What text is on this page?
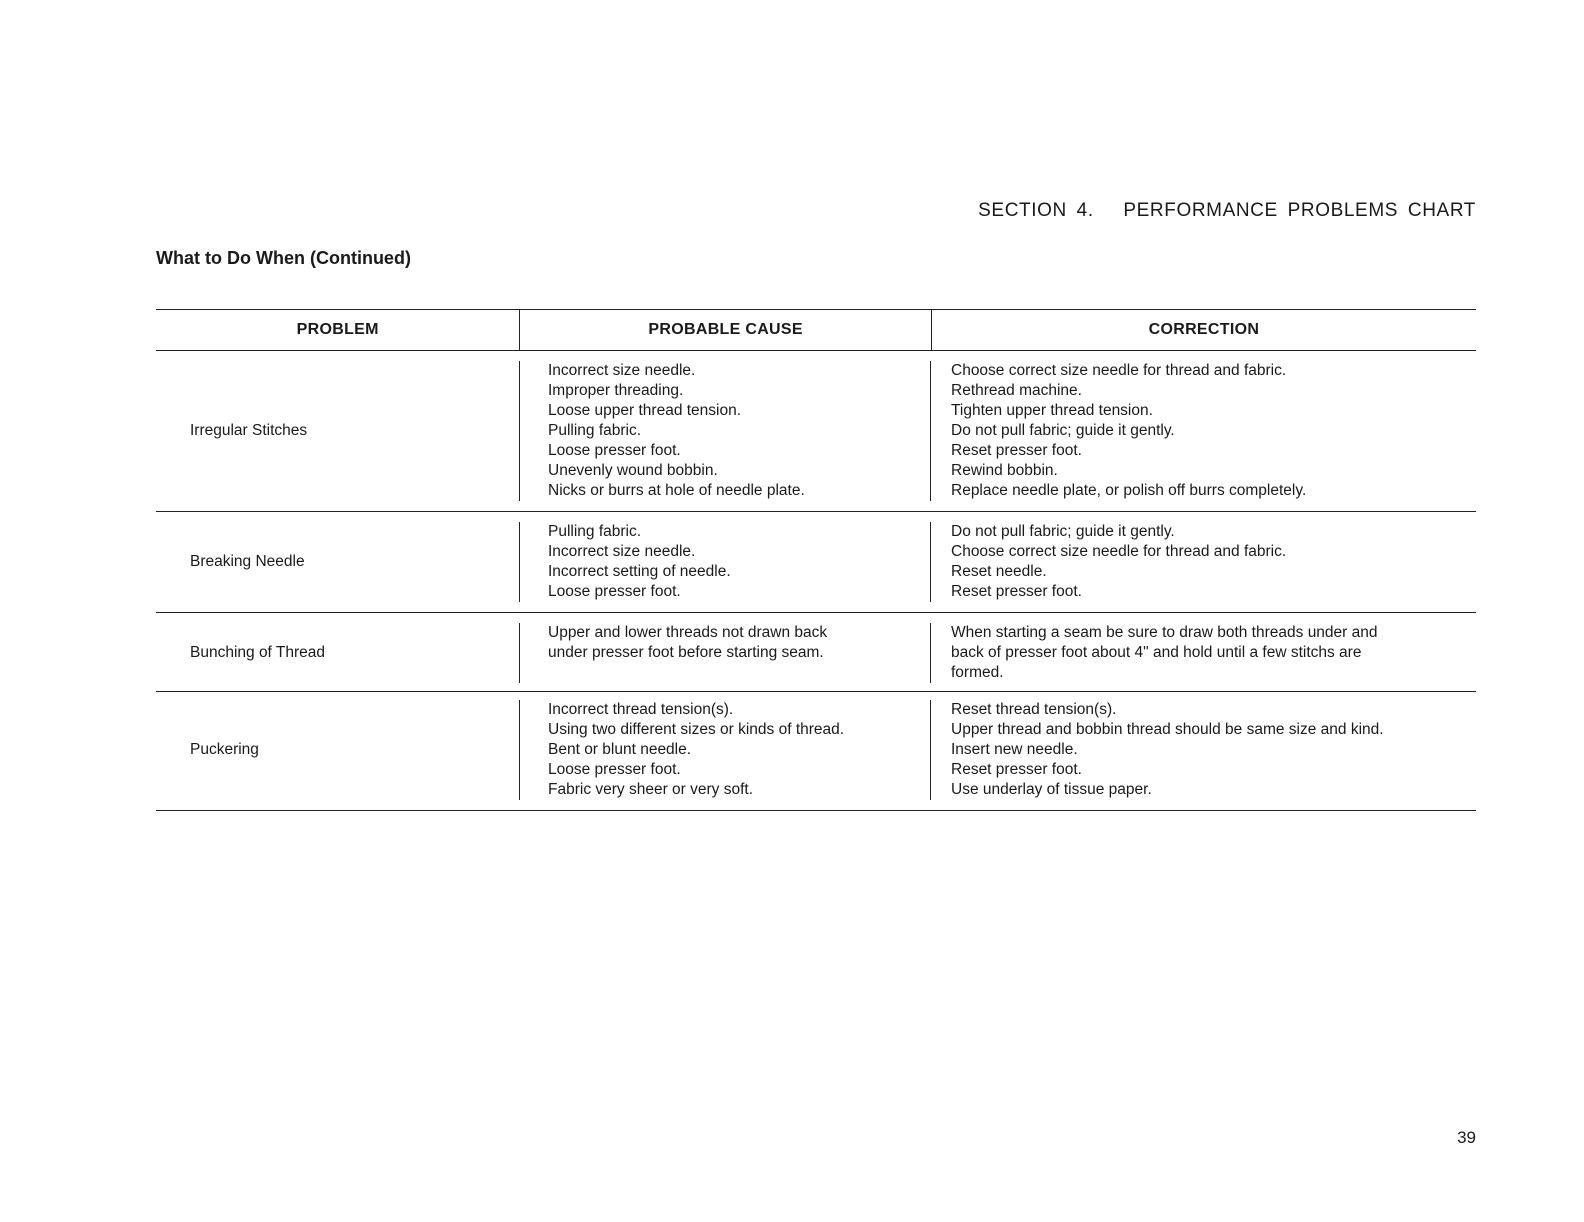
SECTION 4.   PERFORMANCE PROBLEMS CHART
What to Do When (Continued)
PROBLEM	PROBABLE CAUSE	CORRECTION
Irregular Stitches
Incorrect size needle.
Improper threading.
Loose upper thread tension.
Pulling fabric.
Loose presser foot.
Unevenly wound bobbin.
Nicks or burrs at hole of needle plate.
Choose correct size needle for thread and fabric.
Rethread machine.
Tighten upper thread tension.
Do not pull fabric; guide it gently.
Reset presser foot.
Rewind bobbin.
Replace needle plate, or polish off burrs completely.
Breaking Needle
Pulling fabric.
Incorrect size needle.
Incorrect setting of needle.
Loose presser foot.
Do not pull fabric; guide it gently.
Choose correct size needle for thread and fabric.
Reset needle.
Reset presser foot.
Bunching of Thread
Upper and lower threads not drawn back
under presser foot before starting seam.
When starting a seam be sure to draw both threads under and
back of presser foot about 4" and hold until a few stitchs are
formed.
Puckering
Incorrect thread tension(s).
Using two different sizes or kinds of thread.
Bent or blunt needle.
Loose presser foot.
Fabric very sheer or very soft.
Reset thread tension(s).
Upper thread and bobbin thread should be same size and kind.
Insert new needle.
Reset presser foot.
Use underlay of tissue paper.
39
